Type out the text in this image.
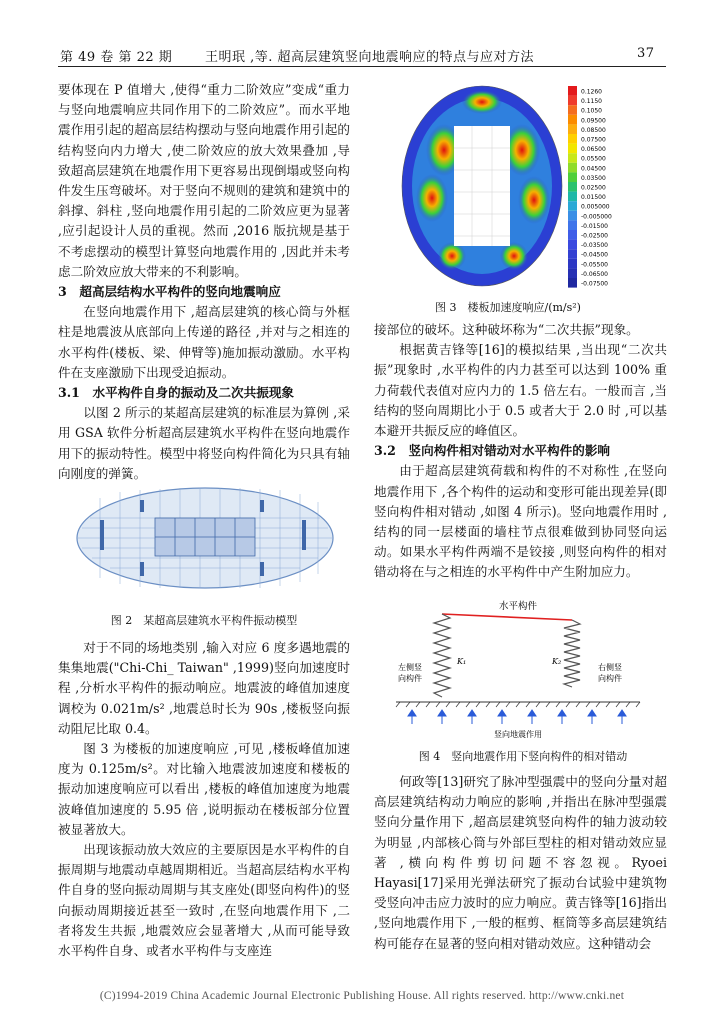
第 49 卷 第 22 期	王明珉 ,等. 超高层建筑竖向地震响应的特点与应对方法	37

要体现在 P 值增大 ,使得“重力二阶效应”变成“重力与竖向地震响应共同作用下的二阶效应”。而水平地震作用引起的超高层结构摆动与竖向地震作用引起的结构竖向内力增大 ,使二阶效应的放大效果叠加 ,导致超高层建筑在地震作用下更容易出现倒塌或竖向构件发生压弯破坏。对于竖向不规则的建筑和建筑中的斜撑、斜柱 ,竖向地震作用引起的二阶效应更为显著 ,应引起设计人员的重视。然而 ,2016 版抗规是基于不考虑摆动的模型计算竖向地震作用的 ,因此并未考虑二阶效应放大带来的不利影响。

3　超高层结构水平构件的竖向地震响应

在竖向地震作用下 ,超高层建筑的核心筒与外框柱是地震波从底部向上传递的路径 ,并对与之相连的水平构件(楼板、梁、伸臂等)施加振动激励。水平构件在支座激励下出现受迫振动。

3.1　水平构件自身的振动及二次共振现象

以图 2 所示的某超高层建筑的标准层为算例 ,采用 GSA 软件分析超高层建筑水平构件在竖向地震作用下的振动特性。模型中将竖向构件简化为只具有轴向刚度的弹簧。

图 2　某超高层建筑水平构件振动模型

对于不同的场地类别 ,输入对应 6 度多遇地震的集集地震("Chi-Chi_ Taiwan" ,1999)竖向加速度时程 ,分析水平构件的振动响应。地震波的峰值加速度调校为 0.021m/s² ,地震总时长为 90s ,楼板竖向振动阻尼比取 0.4。

图 3 为楼板的加速度响应 ,可见 ,楼板峰值加速度为 0.125m/s²。对比输入地震波加速度和楼板的振动加速度响应可以看出 ,楼板的峰值加速度为地震波峰值加速度的 5.95 倍 ,说明振动在楼板部分位置被显著放大。

出现该振动放大效应的主要原因是水平构件的自振周期与地震动卓越周期相近。当超高层结构水平构件自身的竖向振动周期与其支座处(即竖向构件)的竖向振动周期接近甚至一致时 ,在竖向地震作用下 ,二者将发生共振 ,地震效应会显著增大 ,从而可能导致水平构件自身、或者水平构件与支座连

0.1260
0.1150
0.1050
0.09500
0.08500
0.07500
0.06500
0.05500
0.04500
0.03500
0.02500
0.01500
0.005000
-0.005000
-0.01500
-0.02500
-0.03500
-0.04500
-0.05500
-0.06500
-0.07500
图 3　楼板加速度响应/(m/s²)

接部位的破坏。这种破坏称为“二次共振”现象。

根据黄吉锋等[16]的模拟结果 ,当出现“二次共振”现象时 ,水平构件的内力甚至可以达到 100% 重力荷载代表值对应内力的 1.5 倍左右。一般而言 ,当结构的竖向周期比小于 0.5 或者大于 2.0 时 ,可以基本避开共振反应的峰值区。

3.2　竖向构件相对错动对水平构件的影响

由于超高层建筑荷载和构件的不对称性 ,在竖向地震作用下 ,各个构件的运动和变形可能出现差异(即竖向构件相对错动 ,如图 4 所示)。竖向地震作用时 ,结构的同一层楼面的墙柱节点很难做到协同竖向运动。如果水平构件两端不是铰接 ,则竖向构件的相对错动将在与之相连的水平构件中产生附加应力。

水平构件
K₁	K₂
左侧竖
向构件
右侧竖
向构件
竖向地震作用
图 4　竖向地震作用下竖向构件的相对错动

何政等[13]研究了脉冲型强震中的竖向分量对超高层建筑结构动力响应的影响 ,并指出在脉冲型强震竖向分量作用下 ,超高层建筑竖向构件的轴力波动较为明显 ,内部核心筒与外部巨型柱的相对错动效应显著 ,横向构件剪切问题不容忽视。Ryoei Hayasi[17]采用光弹法研究了振动台试验中建筑物受竖向冲击应力波时的应力响应。黄吉锋等[16]指出 ,竖向地震作用下 ,一般的框剪、框筒等多高层建筑结构可能存在显著的竖向相对错动效应。这种错动会

(C)1994-2019 China Academic Journal Electronic Publishing House. All rights reserved. http://www.cnki.net
